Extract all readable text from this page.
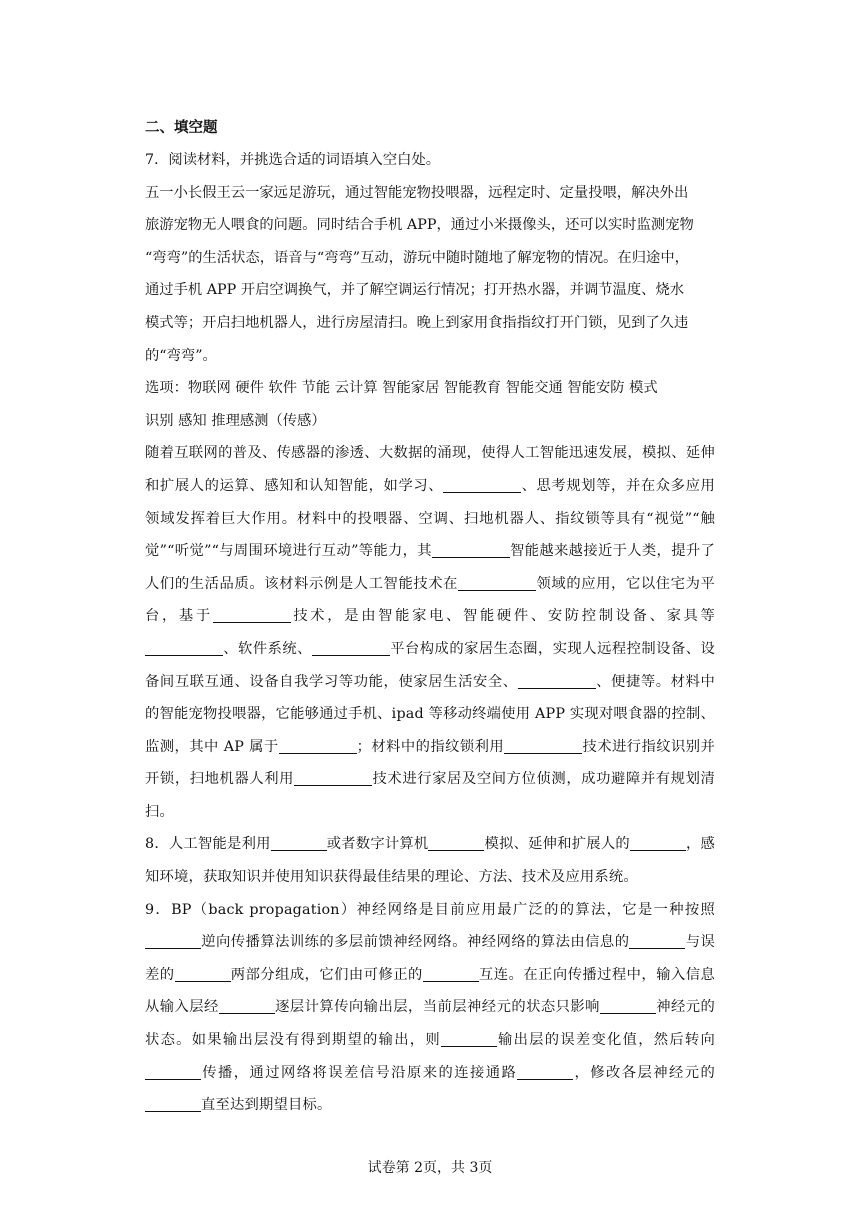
二、填空题
7．阅读材料，并挑选合适的词语填入空白处。
五一小长假王云一家远足游玩，通过智能宠物投喂器，远程定时、定量投喂，解决外出
旅游宠物无人喂食的问题。同时结合手机 APP，通过小米摄像头，还可以实时监测宠物
“弯弯”的生活状态，语音与“弯弯”互动，游玩中随时随地了解宠物的情况。在归途中，
通过手机 APP 开启空调换气，并了解空调运行情况；打开热水器，并调节温度、烧水
模式等；开启扫地机器人，进行房屋清扫。晚上到家用食指指纹打开门锁，见到了久违
的“弯弯”。
选项：物联网 硬件 软件 节能 云计算 智能家居 智能教育 智能交通 智能安防 模式
识别 感知 推理感测（传感）
随着互联网的普及、传感器的渗透、大数据的涌现，使得人工智能迅速发展，模拟、延伸和扩展人的运算、感知和认知智能，如学习、	、思考规划等，并在众多应用领域发挥着巨大作用。材料中的投喂器、空调、扫地机器人、指纹锁等具有“视觉”“触觉”“听觉”“与周围环境进行互动”等能力，其	智能越来越接近于人类，提升了人们的生活品质。该材料示例是人工智能技术在	领域的应用，它以住宅为平台，基于	技术，是由智能家电、智能硬件、安防控制设备、家具等、软件系统、	平台构成的家居生态圈，实现人远程控制设备、设备间互联互通、设备自我学习等功能，使家居生活安全、	、便捷等。材料中的智能宠物投喂器，它能够通过手机、ipad 等移动终端使用 APP 实现对喂食器的控制、监测，其中 AP 属于	；材料中的指纹锁利用	技术进行指纹识别并开锁，扫地机器人利用	技术进行家居及空间方位侦测，成功避障并有规划清扫。
8．人工智能是利用	或者数字计算机	模拟、延伸和扩展人的	，感知环境，获取知识并使用知识获得最佳结果的理论、方法、技术及应用系统。
9．BP（back propagation）神经网络是目前应用最广泛的的算法，它是一种按照逆向传播算法训练的多层前馈神经网络。神经网络的算法由信息的	与误差的	两部分组成，它们由可修正的	互连。在正向传播过程中，输入信息从输入层经	逐层计算传向输出层，当前层神经元的状态只影响	神经元的状态。如果输出层没有得到期望的输出，则	输出层的误差变化值，然后转向传播，通过网络将误差信号沿原来的连接通路	，修改各层神经元的直至达到期望目标。
试卷第 2页，共 3页
